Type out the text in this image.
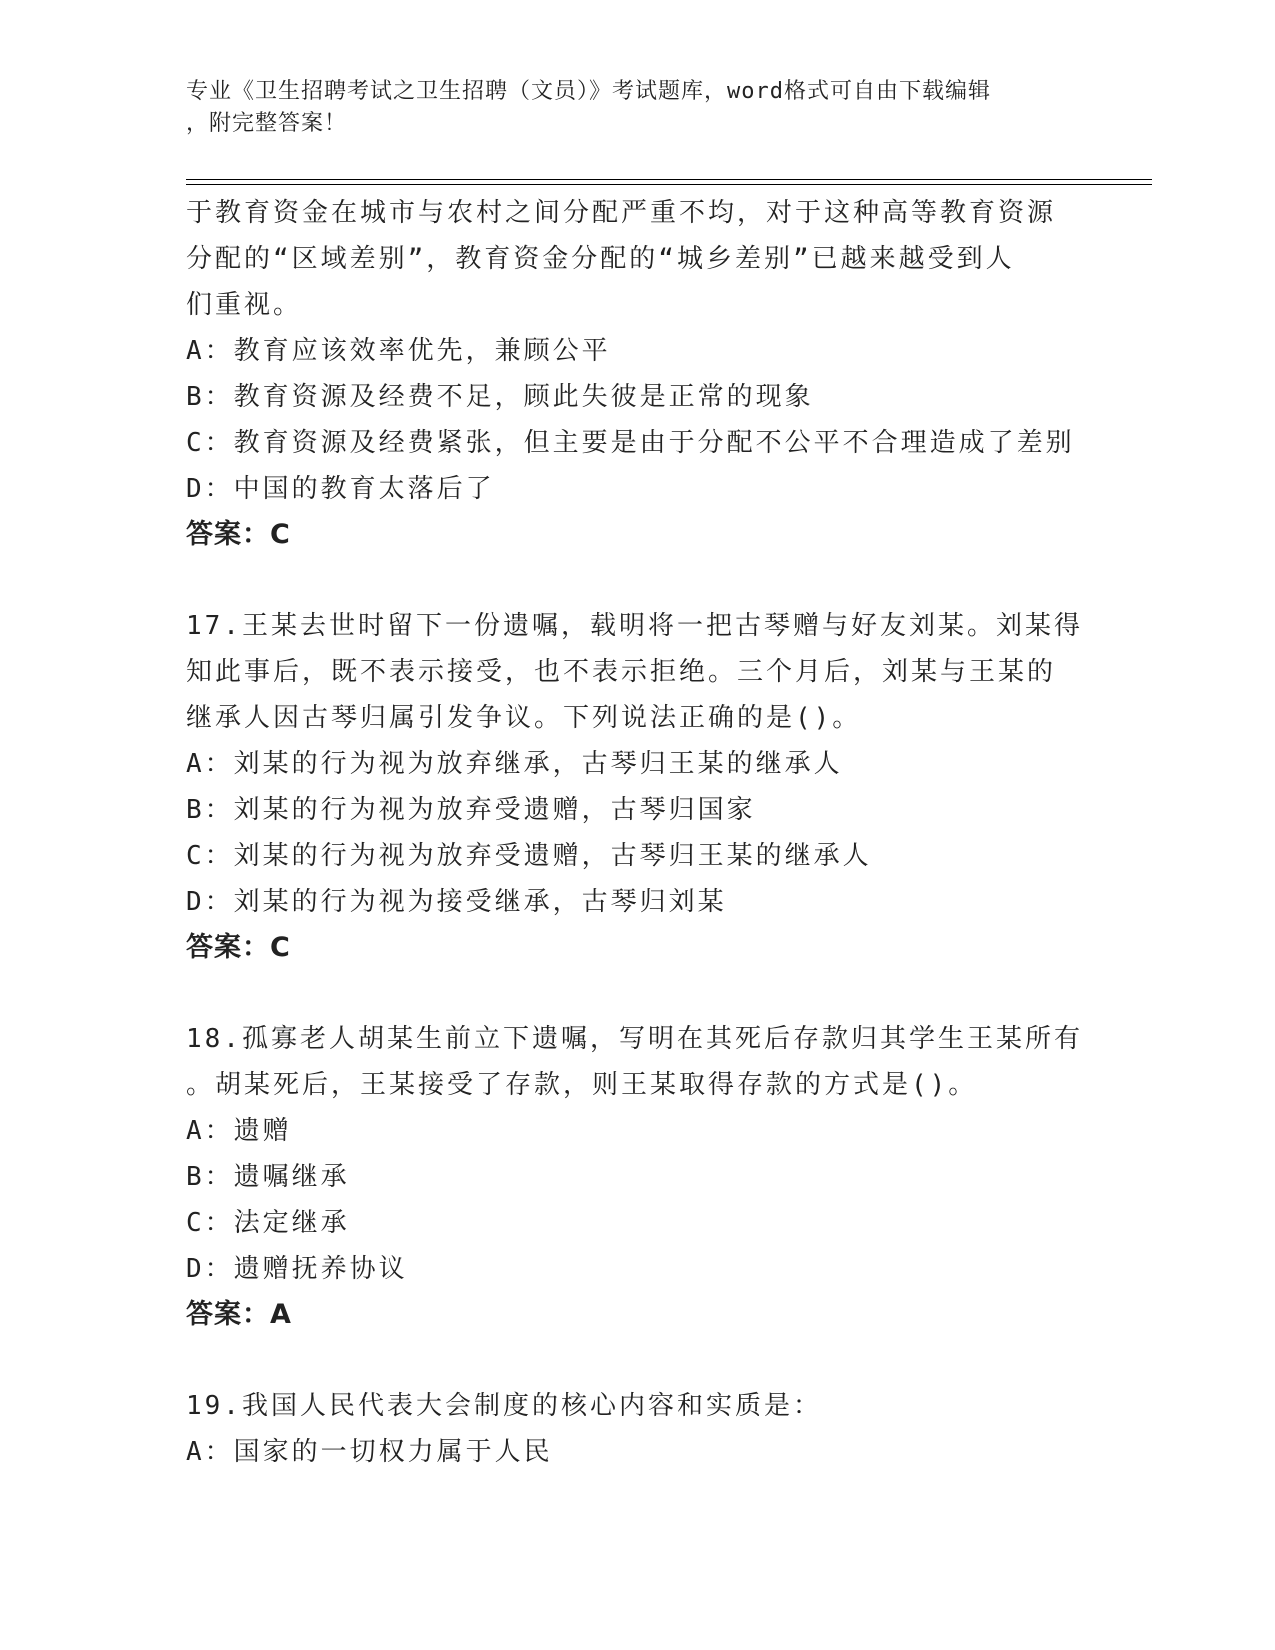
专业《卫生招聘考试之卫生招聘（文员）》考试题库，word格式可自由下载编辑
，附完整答案！
于教育资金在城市与农村之间分配严重不均，对于这种高等教育资源
分配的“区域差别”，教育资金分配的“城乡差别”已越来越受到人
们重视。
A：教育应该效率优先，兼顾公平
B：教育资源及经费不足，顾此失彼是正常的现象
C：教育资源及经费紧张，但主要是由于分配不公平不合理造成了差别
D：中国的教育太落后了
答案：C
17.王某去世时留下一份遗嘱，载明将一把古琴赠与好友刘某。刘某得
知此事后，既不表示接受，也不表示拒绝。三个月后，刘某与王某的
继承人因古琴归属引发争议。下列说法正确的是()。
A：刘某的行为视为放弃继承，古琴归王某的继承人
B：刘某的行为视为放弃受遗赠，古琴归国家
C：刘某的行为视为放弃受遗赠，古琴归王某的继承人
D：刘某的行为视为接受继承，古琴归刘某
答案：C
18.孤寡老人胡某生前立下遗嘱，写明在其死后存款归其学生王某所有
。胡某死后，王某接受了存款，则王某取得存款的方式是()。
A：遗赠
B：遗嘱继承
C：法定继承
D：遗赠抚养协议
答案：A
19.我国人民代表大会制度的核心内容和实质是：
A：国家的一切权力属于人民
